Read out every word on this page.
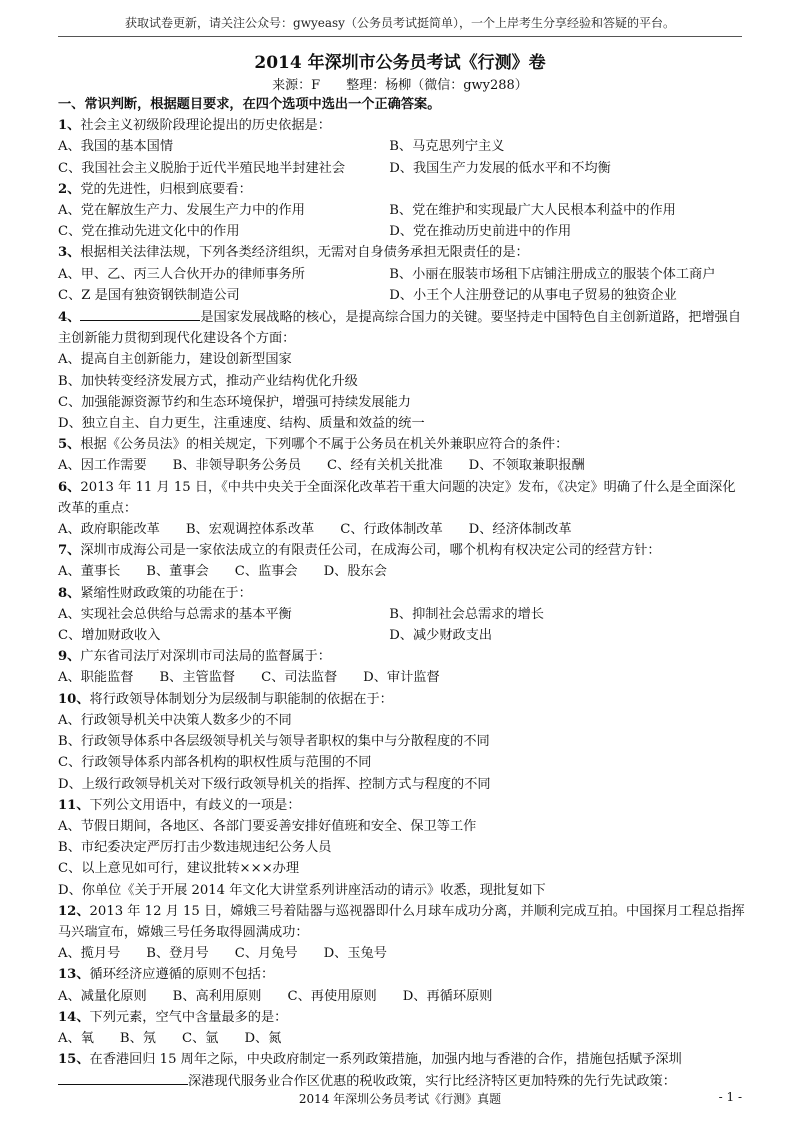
获取试卷更新，请关注公众号：gwyeasy（公务员考试挺简单），一个上岸考生分享经验和答疑的平台。
2014 年深圳市公务员考试《行测》卷
来源：F　　整理：杨柳（微信：gwy288）
一、常识判断，根据题目要求，在四个选项中选出一个正确答案。
1、社会主义初级阶段理论提出的历史依据是：
A、我国的基本国情	B、马克思列宁主义
C、我国社会主义脱胎于近代半殖民地半封建社会	D、我国生产力发展的低水平和不均衡
2、党的先进性，归根到底要看：
A、党在解放生产力、发展生产力中的作用	B、党在维护和实现最广大人民根本利益中的作用
C、党在推动先进文化中的作用	D、党在推动历史前进中的作用
3、根据相关法律法规，下列各类经济组织，无需对自身债务承担无限责任的是：
A、甲、乙、丙三人合伙开办的律师事务所	B、小丽在服装市场租下店铺注册成立的服装个体工商户
C、Z 是国有独资钢铁制造公司	D、小王个人注册登记的从事电子贸易的独资企业
4、	是国家发展战略的核心，是提高综合国力的关键。要坚持走中国特色自主创新道路，把增强自主创新能力贯彻到现代化建设各个方面：
A、提高自主创新能力，建设创新型国家
B、加快转变经济发展方式，推动产业结构优化升级
C、加强能源资源节约和生态环境保护，增强可持续发展能力
D、独立自主、自力更生，注重速度、结构、质量和效益的统一
5、根据《公务员法》的相关规定，下列哪个不属于公务员在机关外兼职应符合的条件：
A、因工作需要 B、非领导职务公务员 C、经有关机关批准 D、不领取兼职报酬
6、2013 年 11 月 15 日，《中共中央关于全面深化改革若干重大问题的决定》发布，《决定》明确了什么是全面深化改革的重点：
A、政府职能改革 B、宏观调控体系改革 C、行政体制改革 D、经济体制改革
7、深圳市成海公司是一家依法成立的有限责任公司，在成海公司，哪个机构有权决定公司的经营方针：
A、董事长 B、董事会 C、监事会 D、股东会
8、紧缩性财政政策的功能在于：
A、实现社会总供给与总需求的基本平衡	B、抑制社会总需求的增长
C、增加财政收入	D、减少财政支出
9、广东省司法厅对深圳市司法局的监督属于：
A、职能监督 B、主管监督 C、司法监督 D、审计监督
10、将行政领导体制划分为层级制与职能制的依据在于：
A、行政领导机关中决策人数多少的不同
B、行政领导体系中各层级领导机关与领导者职权的集中与分散程度的不同
C、行政领导体系内部各机构的职权性质与范围的不同
D、上级行政领导机关对下级行政领导机关的指挥、控制方式与程度的不同
11、下列公文用语中，有歧义的一项是：
A、节假日期间，各地区、各部门要妥善安排好值班和安全、保卫等工作
B、市纪委决定严厉打击少数违规违纪公务人员
C、以上意见如可行，建议批转×××办理
D、你单位《关于开展 2014 年文化大讲堂系列讲座活动的请示》收悉，现批复如下
12、2013 年 12 月 15 日，嫦娥三号着陆器与巡视器即什么月球车成功分离，并顺利完成互拍。中国探月工程总指挥马兴瑞宣布，嫦娥三号任务取得圆满成功：
A、揽月号 B、登月号 C、月兔号 D、玉兔号
13、循环经济应遵循的原则不包括：
A、减量化原则 B、高利用原则 C、再使用原则 D、再循环原则
14、下列元素，空气中含量最多的是：
A、氧 B、氖 C、氩 D、氮
15、在香港回归 15 周年之际，中央政府制定一系列政策措施，加强内地与香港的合作，措施包括赋予深圳深港现代服务业合作区优惠的税收政策，实行比经济特区更加特殊的先行先试政策：
2014 年深圳公务员考试《行测》真题	- 1 -
